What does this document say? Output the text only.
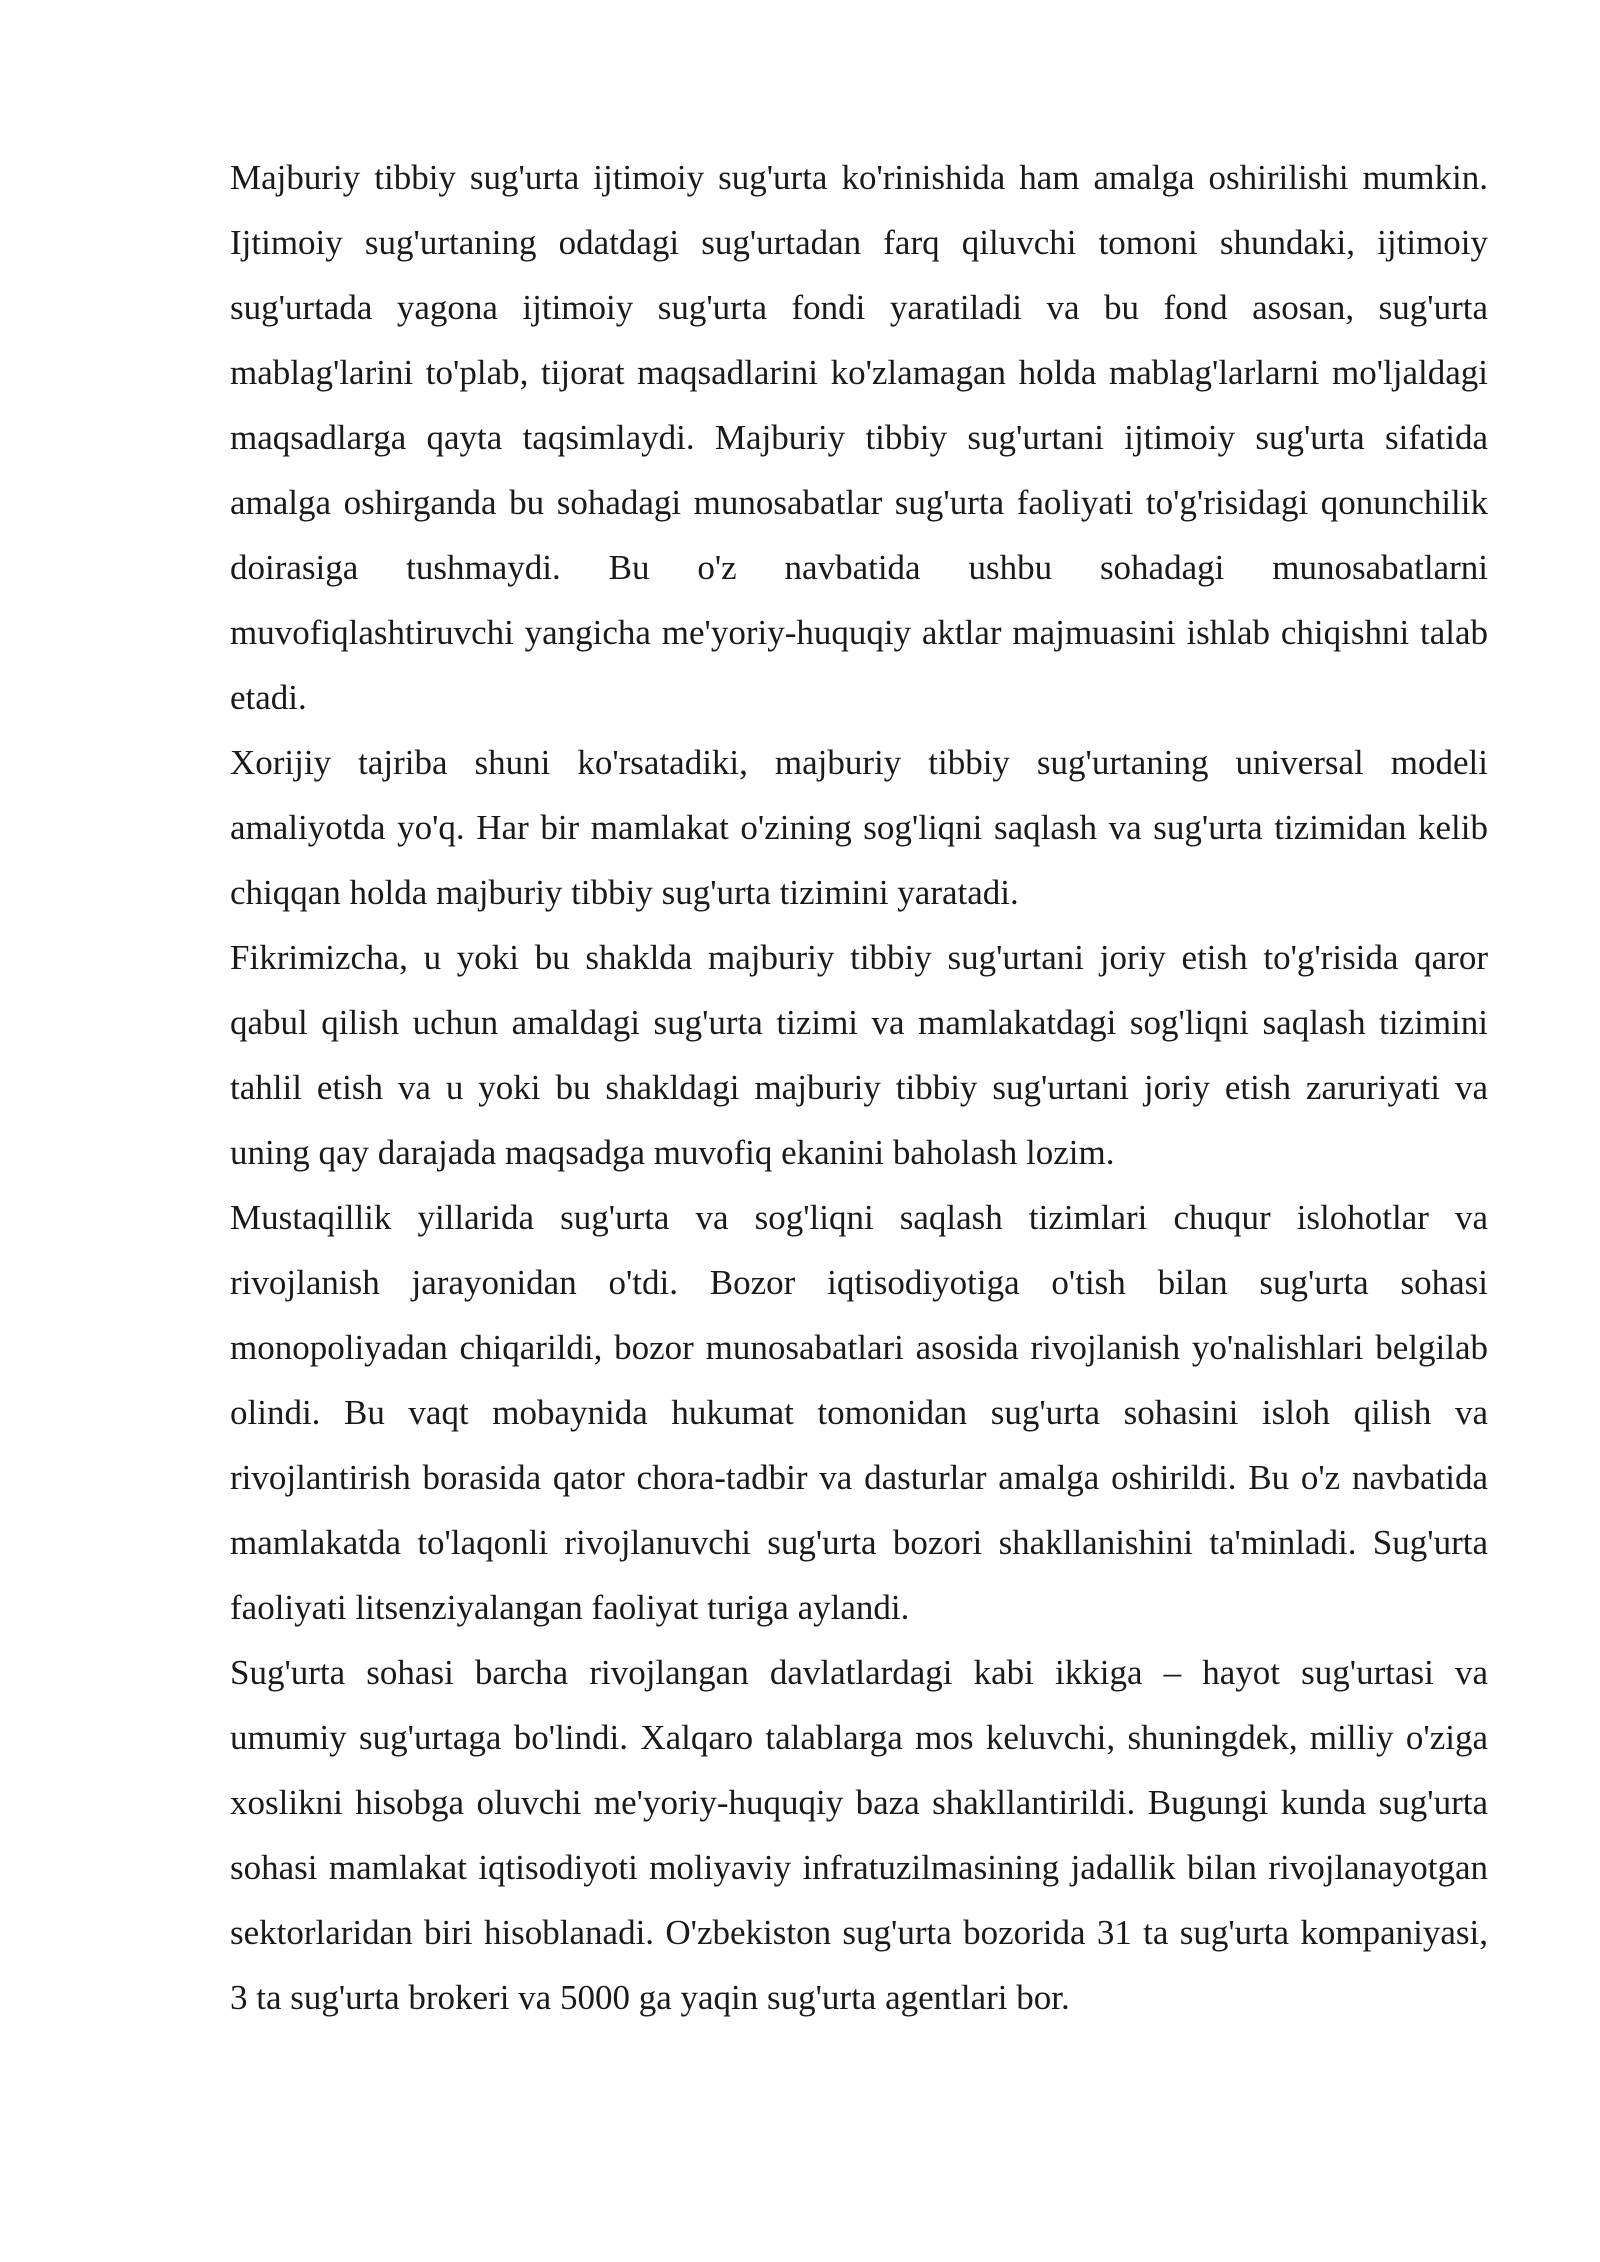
Majburiy tibbiy sug'urta ijtimoiy sug'urta ko'rinishida ham amalga oshirilishi mumkin. Ijtimoiy sug'urtaning odatdagi sug'urtadan farq qiluvchi tomoni shundaki, ijtimoiy sug'urtada yagona ijtimoiy sug'urta fondi yaratiladi va bu fond asosan, sug'urta mablag'larini to'plab, tijorat maqsadlarini ko'zlamagan holda mablag'larlarni mo'ljaldagi maqsadlarga qayta taqsimlaydi. Majburiy tibbiy sug'urtani ijtimoiy sug'urta sifatida amalga oshirganda bu sohadagi munosabatlar sug'urta faoliyati to'g'risidagi qonunchilik doirasiga tushmaydi. Bu o'z navbatida ushbu sohadagi munosabatlarni muvofiqlashtiruvchi yangicha me'yoriy-huquqiy aktlar majmuasini ishlab chiqishni talab etadi.

Xorijiy tajriba shuni ko'rsatadiki, majburiy tibbiy sug'urtaning universal modeli amaliyotda yo'q. Har bir mamlakat o'zining sog'liqni saqlash va sug'urta tizimidan kelib chiqqan holda majburiy tibbiy sug'urta tizimini yaratadi.

Fikrimizcha, u yoki bu shaklda majburiy tibbiy sug'urtani joriy etish to'g'risida qaror qabul qilish uchun amaldagi sug'urta tizimi va mamlakatdagi sog'liqni saqlash tizimini tahlil etish va u yoki bu shakldagi majburiy tibbiy sug'urtani joriy etish zaruriyati va uning qay darajada maqsadga muvofiq ekanini baholash lozim.

Mustaqillik yillarida sug'urta va sog'liqni saqlash tizimlari chuqur islohotlar va rivojlanish jarayonidan o'tdi. Bozor iqtisodiyotiga o'tish bilan sug'urta sohasi monopoliyadan chiqarildi, bozor munosabatlari asosida rivojlanish yo'nalishlari belgilab olindi. Bu vaqt mobaynida hukumat tomonidan sug'urta sohasini isloh qilish va rivojlantirish borasida qator chora-tadbir va dasturlar amalga oshirildi. Bu o'z navbatida mamlakatda to'laqonli rivojlanuvchi sug'urta bozori shakllanishini ta'minladi. Sug'urta faoliyati litsenziyalangan faoliyat turiga aylandi.

Sug'urta sohasi barcha rivojlangan davlatlardagi kabi ikkiga – hayot sug'urtasi va umumiy sug'urtaga bo'lindi. Xalqaro talablarga mos keluvchi, shuningdek, milliy o'ziga xoslikni hisobga oluvchi me'yoriy-huquqiy baza shakllantirildi. Bugungi kunda sug'urta sohasi mamlakat iqtisodiyoti moliyaviy infratuzilmasining jadallik bilan rivojlanayotgan sektorlaridan biri hisoblanadi. O'zbekiston sug'urta bozorida 31 ta sug'urta kompaniyasi, 3 ta sug'urta brokeri va 5000 ga yaqin sug'urta agentlari bor.
